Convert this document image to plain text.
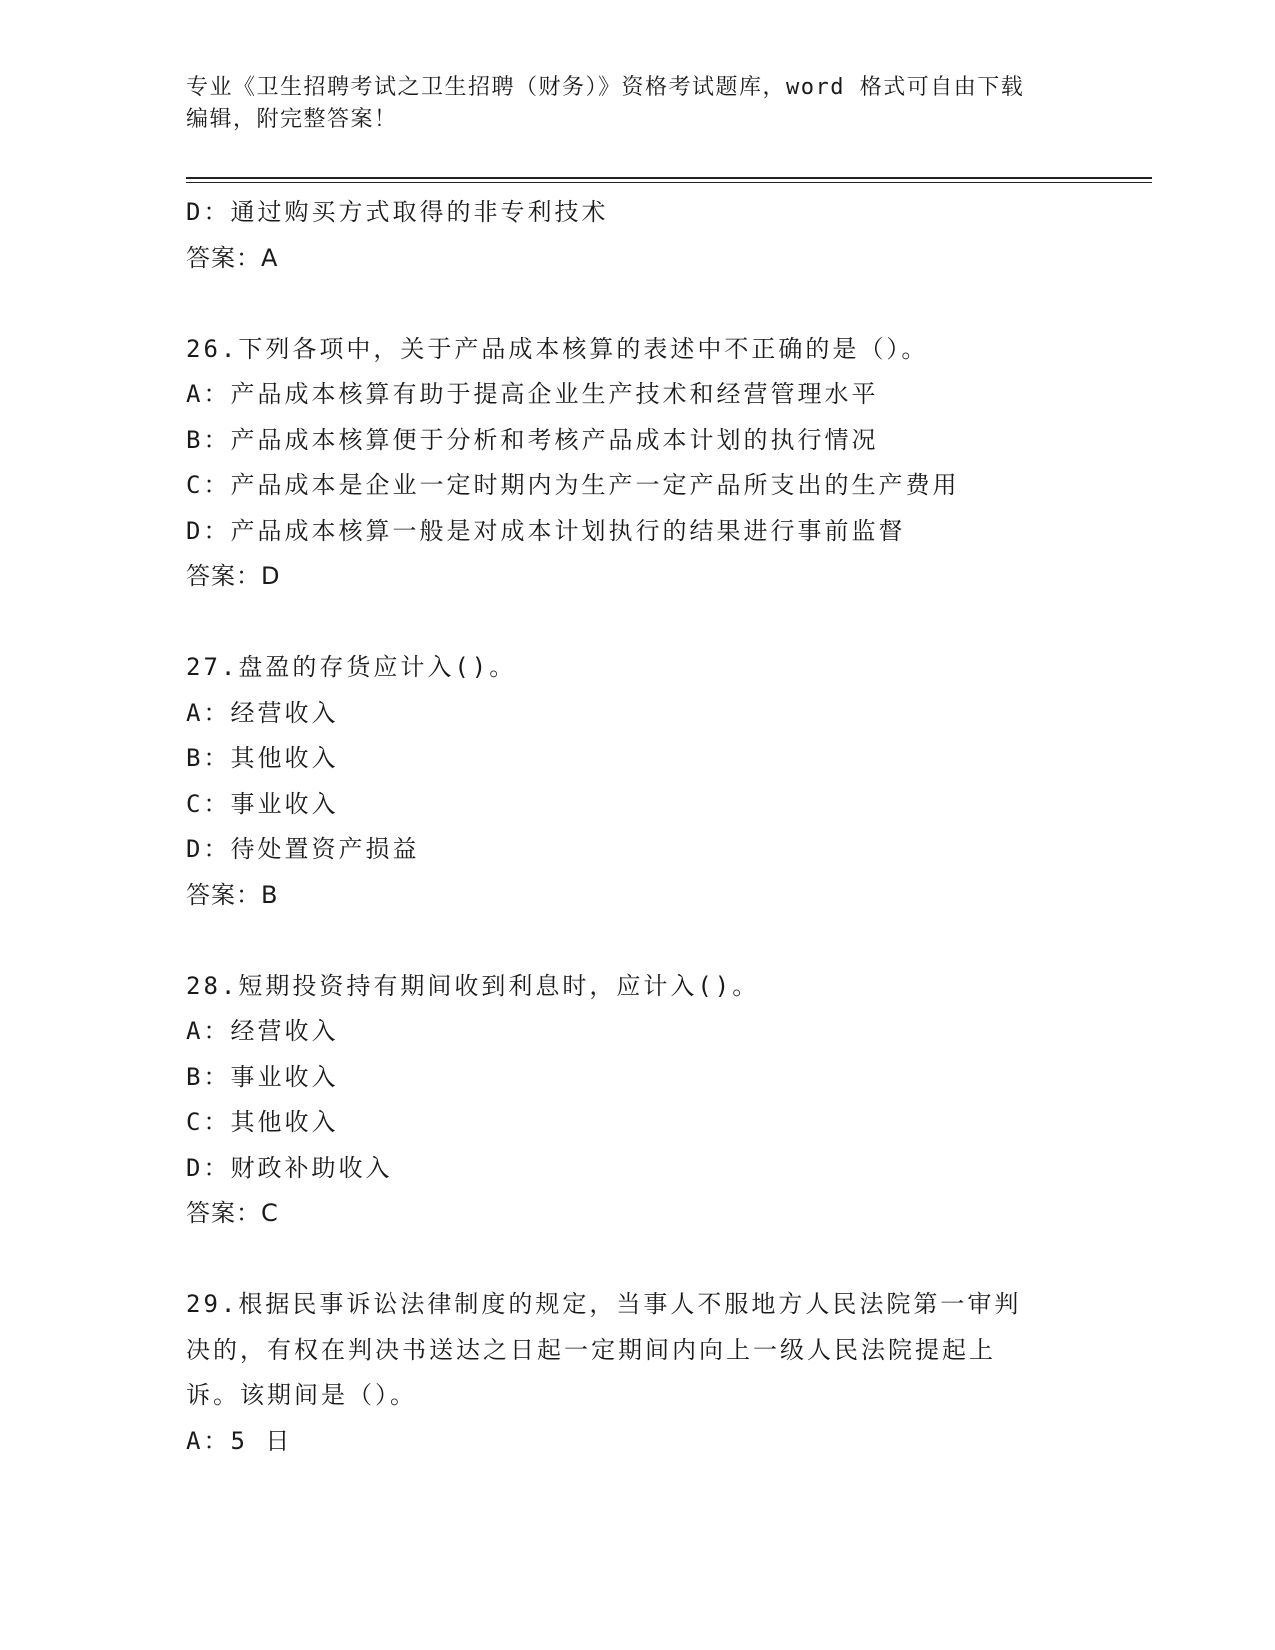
专业《卫生招聘考试之卫生招聘（财务）》资格考试题库，word 格式可自由下载
编辑，附完整答案！
D：通过购买方式取得的非专利技术
答案：A
26.下列各项中，关于产品成本核算的表述中不正确的是（）。
A：产品成本核算有助于提高企业生产技术和经营管理水平
B：产品成本核算便于分析和考核产品成本计划的执行情况
C：产品成本是企业一定时期内为生产一定产品所支出的生产费用
D：产品成本核算一般是对成本计划执行的结果进行事前监督
答案：D
27.盘盈的存货应计入()。
A：经营收入
B：其他收入
C：事业收入
D：待处置资产损益
答案：B
28.短期投资持有期间收到利息时，应计入()。
A：经营收入
B：事业收入
C：其他收入
D：财政补助收入
答案：C
29.根据民事诉讼法律制度的规定，当事人不服地方人民法院第一审判
决的，有权在判决书送达之日起一定期间内向上一级人民法院提起上
诉。该期间是（）。
A：5 日
